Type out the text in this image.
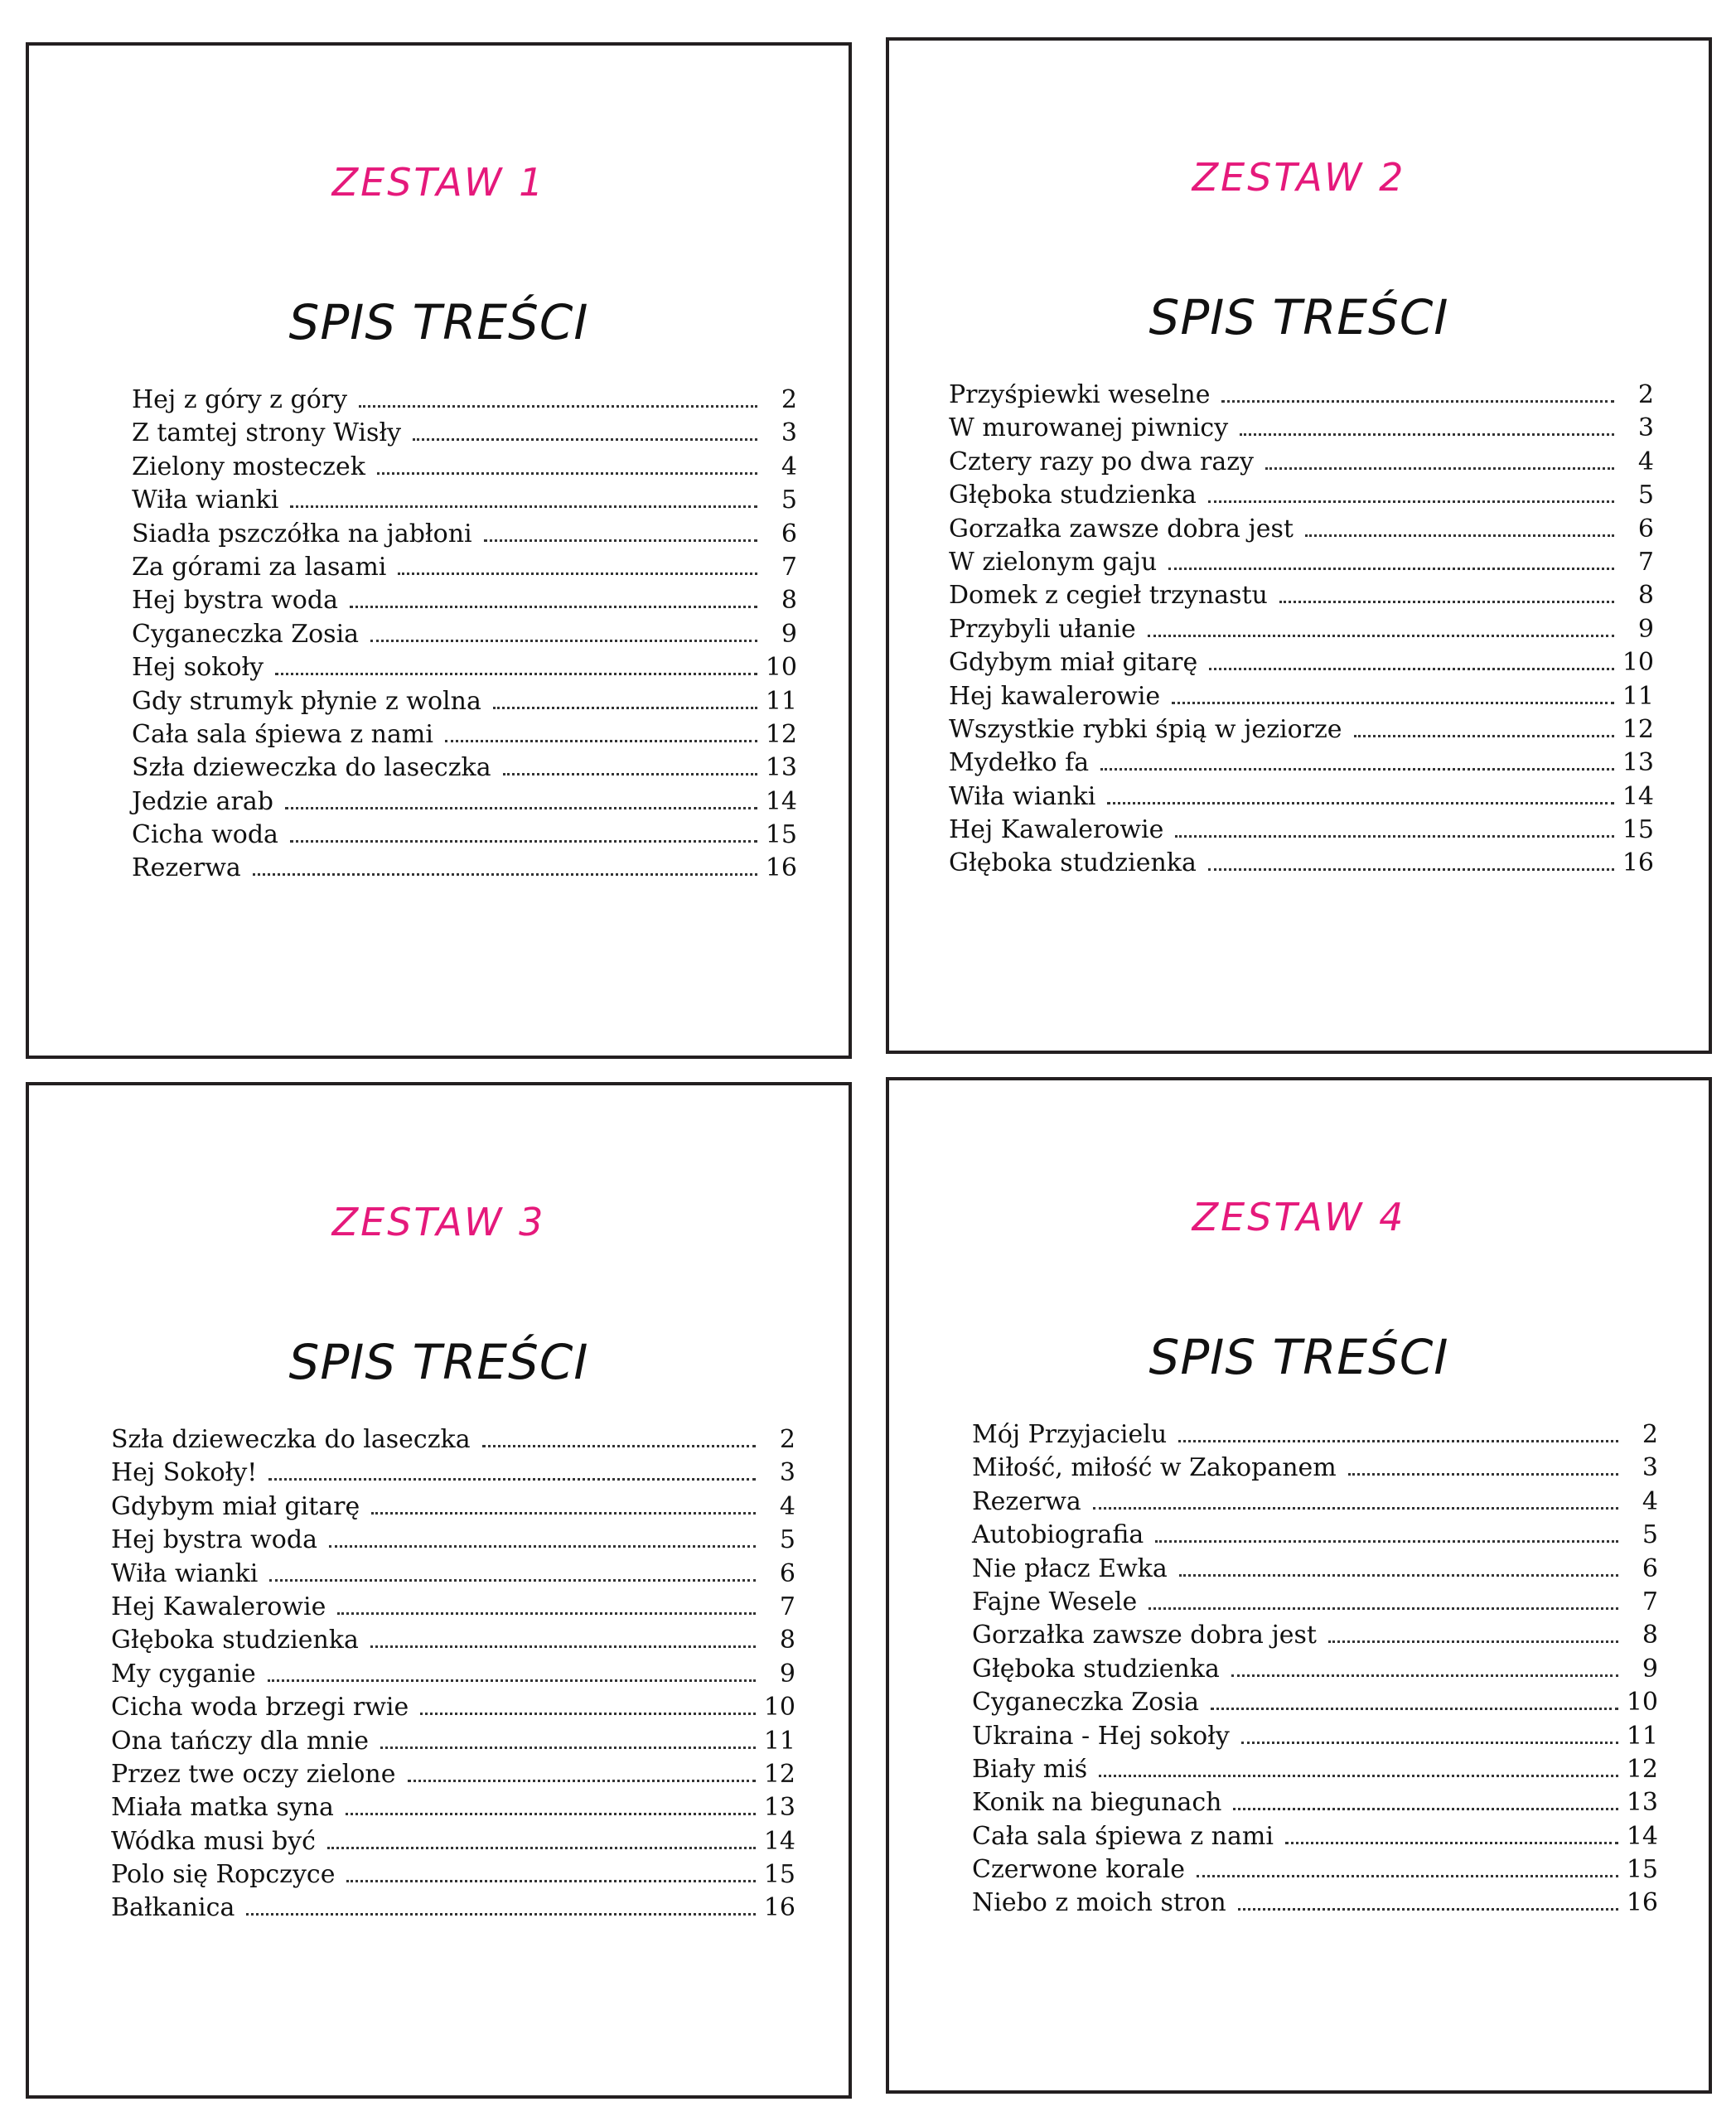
ZESTAW 1
SPIS TREŚCI
Hej z góry z góry	2
Z tamtej strony Wisły	3
Zielony mosteczek	4
Wiła wianki	5
Siadła pszczółka na jabłoni	6
Za górami za lasami	7
Hej bystra woda	8
Cyganeczka Zosia	9
Hej sokoły	10
Gdy strumyk płynie z wolna	11
Cała sala śpiewa z nami	12
Szła dzieweczka do laseczka	13
Jedzie arab	14
Cicha woda	15
Rezerwa	16
ZESTAW 2
SPIS TREŚCI
Przyśpiewki weselne	2
W murowanej piwnicy	3
Cztery razy po dwa razy	4
Głęboka studzienka	5
Gorzałka zawsze dobra jest	6
W zielonym gaju	7
Domek z cegieł trzynastu	8
Przybyli ułanie	9
Gdybym miał gitarę	10
Hej kawalerowie	11
Wszystkie rybki śpią w jeziorze	12
Mydełko fa	13
Wiła wianki	14
Hej Kawalerowie	15
Głęboka studzienka	16
ZESTAW 3
SPIS TREŚCI
Szła dzieweczka do laseczka	2
Hej Sokoły!	3
Gdybym miał gitarę	4
Hej bystra woda	5
Wiła wianki	6
Hej Kawalerowie	7
Głęboka studzienka	8
My cyganie	9
Cicha woda brzegi rwie	10
Ona tańczy dla mnie	11
Przez twe oczy zielone	12
Miała matka syna	13
Wódka musi być	14
Polo się Ropczyce	15
Bałkanica	16
ZESTAW 4
SPIS TREŚCI
Mój Przyjacielu	2
Miłość, miłość w Zakopanem	3
Rezerwa	4
Autobiografia	5
Nie płacz Ewka	6
Fajne Wesele	7
Gorzałka zawsze dobra jest	8
Głęboka studzienka	9
Cyganeczka Zosia	10
Ukraina - Hej sokoły	11
Biały miś	12
Konik na biegunach	13
Cała sala śpiewa z nami	14
Czerwone korale	15
Niebo z moich stron	16
